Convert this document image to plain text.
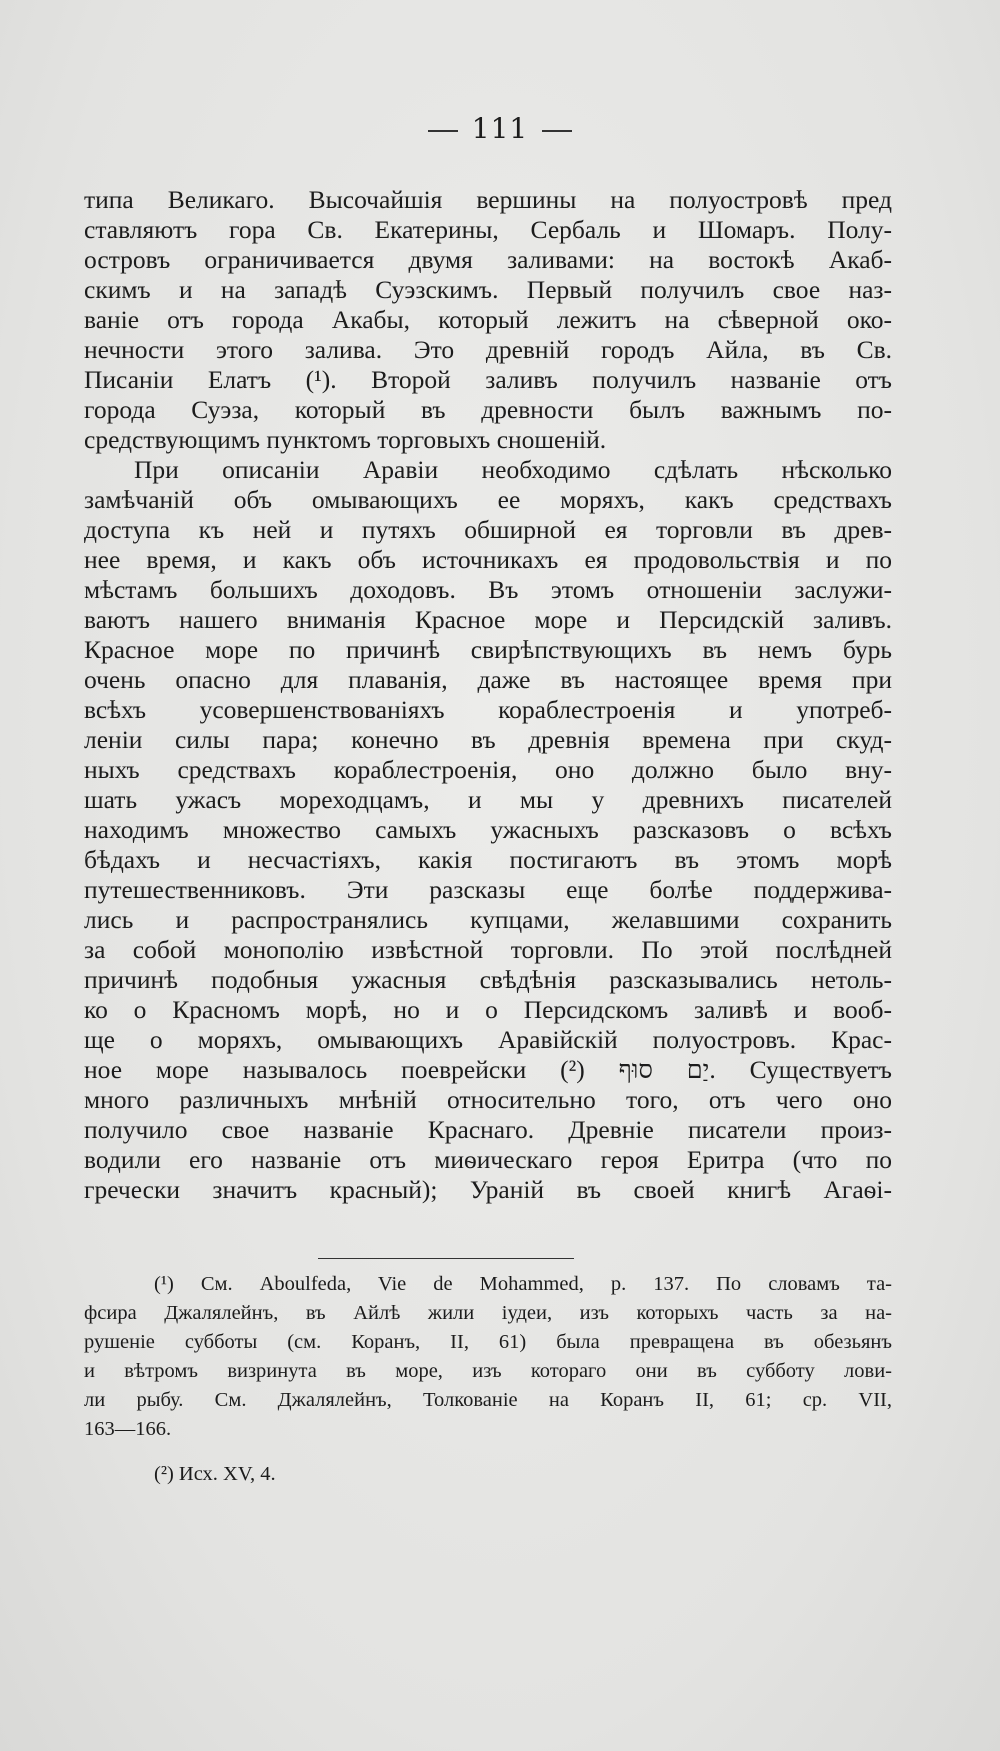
111
типа Великаго. Высочайшія вершины на полуостровѣ пред
ставляютъ гора Св. Екатерины, Сербаль и Шомаръ. Полу-
островъ ограничивается двумя заливами: на востокѣ Акаб-
скимъ и на западѣ Суэзскимъ. Первый получилъ свое наз-
ваніе отъ города Акабы, который лежитъ на сѣверной око-
нечности этого залива. Это древній городъ Айла, въ Св.
Писаніи Елатъ (¹). Второй заливъ получилъ названіе отъ
города Суэза, который въ древности былъ важнымъ по-
средствующимъ пунктомъ торговыхъ сношеній.
При описаніи Аравіи необходимо сдѣлать нѣсколько
замѣчаній объ омывающихъ ее моряхъ, какъ средствахъ
доступа къ ней и путяхъ обширной ея торговли въ древ-
нее время, и какъ объ источникахъ ея продовольствія и по
мѣстамъ большихъ доходовъ. Въ этомъ отношеніи заслужи-
ваютъ нашего вниманія Красное море и Персидскій заливъ.
Красное море по причинѣ свирѣпствующихъ въ немъ бурь
очень опасно для плаванія, даже въ настоящее время при
всѣхъ усовершенствованіяхъ кораблестроенія и употреб-
леніи силы пара; конечно въ древнія времена при скуд-
ныхъ средствахъ кораблестроенія, оно должно было вну-
шать ужасъ мореходцамъ, и мы у древнихъ писателей
находимъ множество самыхъ ужасныхъ разсказовъ о всѣхъ
бѣдахъ и несчастіяхъ, какія постигаютъ въ этомъ морѣ
путешественниковъ. Эти разсказы еще болѣе поддержива-
лись и распространялись купцами, желавшими сохранить
за собой монополію извѣстной торговли. По этой послѣдней
причинѣ подобныя ужасныя свѣдѣнія разсказывались нетоль-
ко о Красномъ морѣ, но и о Персидскомъ заливѣ и вооб-
ще о моряхъ, омывающихъ Аравійскій полуостровъ. Крас-
ное море называлось поеврейски יַם סוּף (²). Существуетъ
много различныхъ мнѣній относительно того, отъ чего оно
получило свое названіе Краснаго. Древніе писатели произ-
водили его названіе отъ миѳическаго героя Еритра (что по
гречески значитъ красный); Ураній въ своей книгѣ Агаѳі-
(¹) См. Aboulfeda, Vie de Mohammed, p. 137. По словамъ та-
фсира Джалялейнъ, въ Айлѣ жили іудеи, изъ которыхъ часть за на-
рушеніе субботы (см. Коранъ, II, 61) была превращена въ обезьянъ
и вѣтромъ визринута въ море, изъ котораго они въ субботу лови-
ли рыбу. См. Джалялейнъ, Толкованіе на Коранъ II, 61; ср. VII,
163—166.
(²) Исх. XV, 4.
